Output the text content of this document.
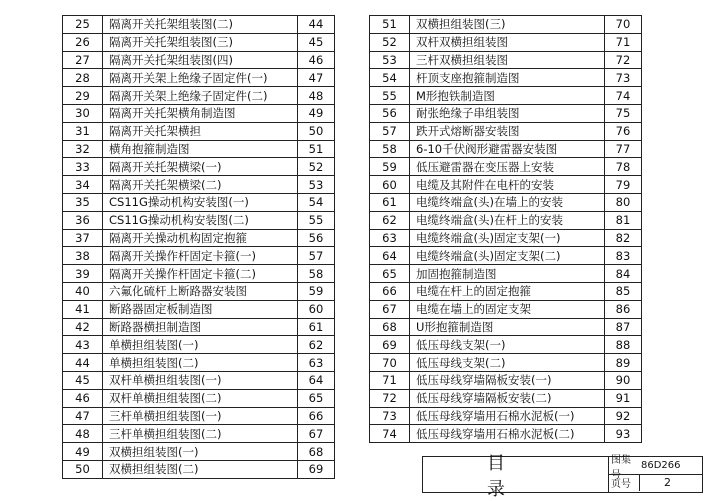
25	隔离开关托架组装图(二)	44
26	隔离开关托架组装图(三)	45
27	隔离开关托架组装图(四)	46
28	隔离开关架上绝缘子固定件(一)	47
29	隔离开关架上绝缘子固定件(二)	48
30	隔离开关托架横角制造图	49
31	隔离开关托架横担	50
32	横角抱箍制造图	51
33	隔离开关托架横梁(一)	52
34	隔离开关托架横梁(二)	53
35	CS11G操动机构安装图(一)	54
36	CS11G操动机构安装图(二)	55
37	隔离开关操动机构固定抱箍	56
38	隔离开关操作杆固定卡箍(一)	57
39	隔离开关操作杆固定卡箍(二)	58
40	六氟化硫杆上断路器安装图	59
41	断路器固定板制造图	60
42	断路器横担制造图	61
43	单横担组装图(一)	62
44	单横担组装图(二)	63
45	双杆单横担组装图(一)	64
46	双杆单横担组装图(二)	65
47	三杆单横担组装图(一)	66
48	三杆单横担组装图(二)	67
49	双横担组装图(一)	68
50	双横担组装图(二)	69
51	双横担组装图(三)	70
52	双杆双横担组装图	71
53	三杆双横担组装图	72
54	杆顶支座抱箍制造图	73
55	M形抱铁制造图	74
56	耐张绝缘子串组装图	75
57	跌开式熔断器安装图	76
58	6-10千伏阀形避雷器安装图	77
59	低压避雷器在变压器上安装	78
60	电缆及其附件在电杆的安装	79
61	电缆终端盒(头)在墙上的安装	80
62	电缆终端盒(头)在杆上的安装	81
63	电缆终端盒(头)固定支架(一)	82
64	电缆终端盒(头)固定支架(二)	83
65	加固抱箍制造图	84
66	电缆在杆上的固定抱箍	85
67	电缆在墙上的固定支架	86
68	U形抱箍制造图	87
69	低压母线支架(一)	88
70	低压母线支架(二)	89
71	低压母线穿墙隔板安装(一)	90
72	低压母线穿墙隔板安装(二)	91
73	低压母线穿墙用石棉水泥板(一)	92
74	低压母线穿墙用石棉水泥板(二)	93
目录
图集号
86D266
页号	2
